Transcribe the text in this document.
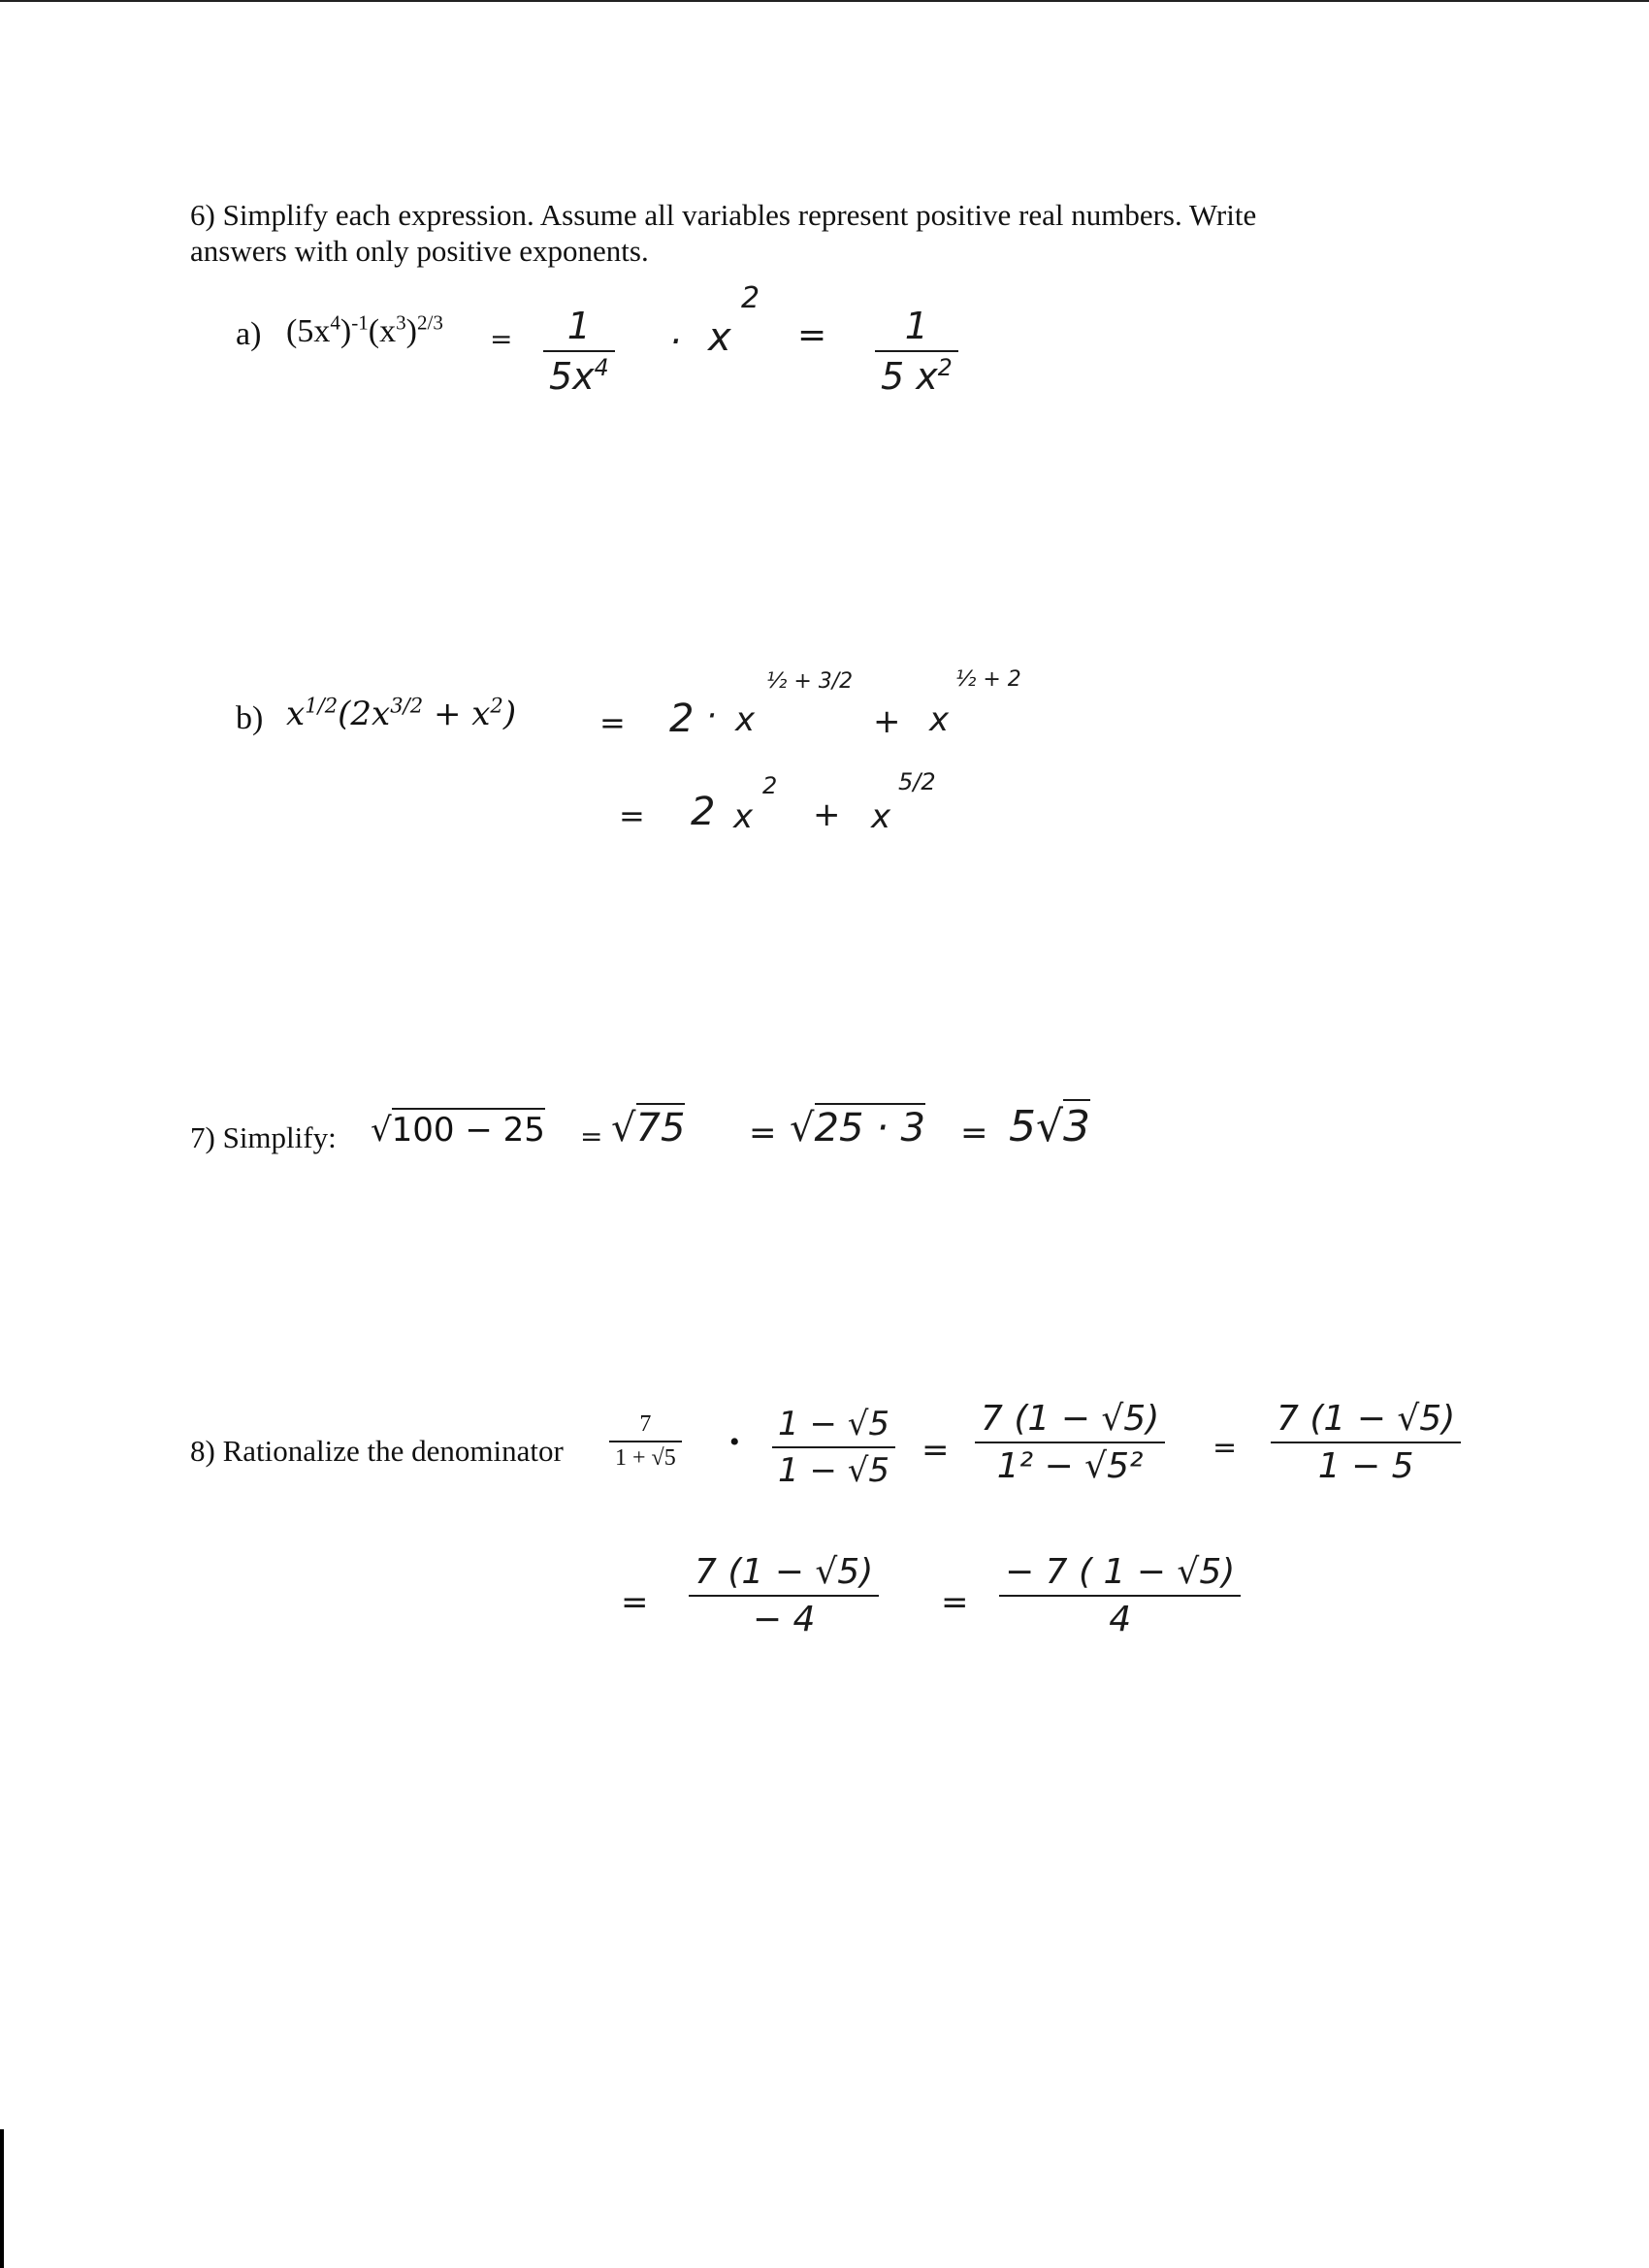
6) Simplify each expression. Assume all variables represent positive real numbers. Write
answers with only positive exponents.
a) $(5x^4)^{-1}(x^3)^{2/3}$
= $\frac{1}{5x^4} \cdot x$
2
= $\frac{1}{5 x^2}$
b) $x^{1/2}(2x^{3/2} + x^2)$	= 2 · x
½ + 3/2
+ x
½ + 2
= 2 x
2
+ x
5/2
7) Simplify: √100 − 25 = √75 = √25 · 3 = 5√3
8) Rationalize the denominator $\frac{7}{1 + √5}$ • $\frac{1 - √5}{1 - √5} = \frac{7 (1 - √5)}{\text{1² − √5²}} = \frac{7 (1 - √5)}{1 - 5}$
= $\frac{7 (1 - √5)}{- 4} = \frac{- 7 ( 1 - √5)}{4}$
